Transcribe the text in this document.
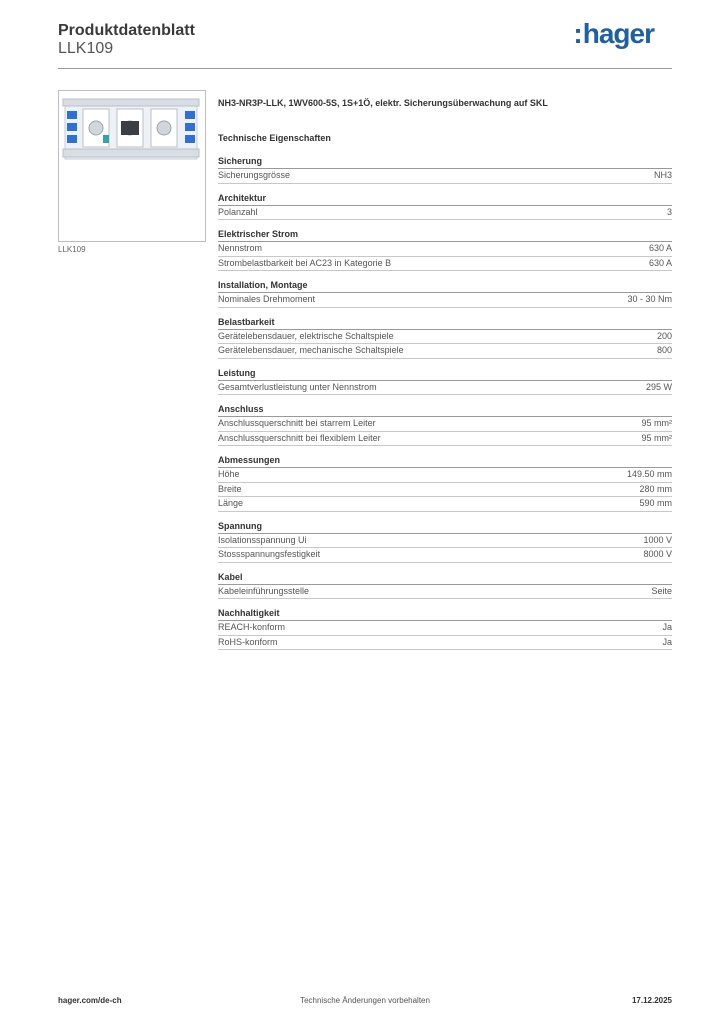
Produktdatenblatt
LLK109	:hager
LLK109
NH3-NR3P-LLK, 1WV600-5S, 1S+1Ö, elektr. Sicherungsüberwachung auf SKL
Technische Eigenschaften
Sicherung
Sicherungsgrösse	NH3
Architektur
Polanzahl	3
Elektrischer Strom
Nennstrom	630 A
Strombelastbarkeit bei AC23 in Kategorie B	630 A
Installation, Montage
Nominales Drehmoment	30 - 30 Nm
Belastbarkeit
Gerätelebensdauer, elektrische Schaltspiele	200
Gerätelebensdauer, mechanische Schaltspiele	800
Leistung
Gesamtverlustleistung unter Nennstrom	295 W
Anschluss
Anschlussquerschnitt bei starrem Leiter	95 mm²
Anschlussquerschnitt bei flexiblem Leiter	95 mm²
Abmessungen
Höhe	149.50 mm
Breite	280 mm
Länge	590 mm
Spannung
Isolationsspannung Ui	1000 V
Stossspannungsfestigkeit	8000 V
Kabel
Kabeleinführungsstelle	Seite
Nachhaltigkeit
REACH-konform	Ja
RoHS-konform	Ja
hager.com/de-ch	Technische Änderungen vorbehalten	17.12.2025
